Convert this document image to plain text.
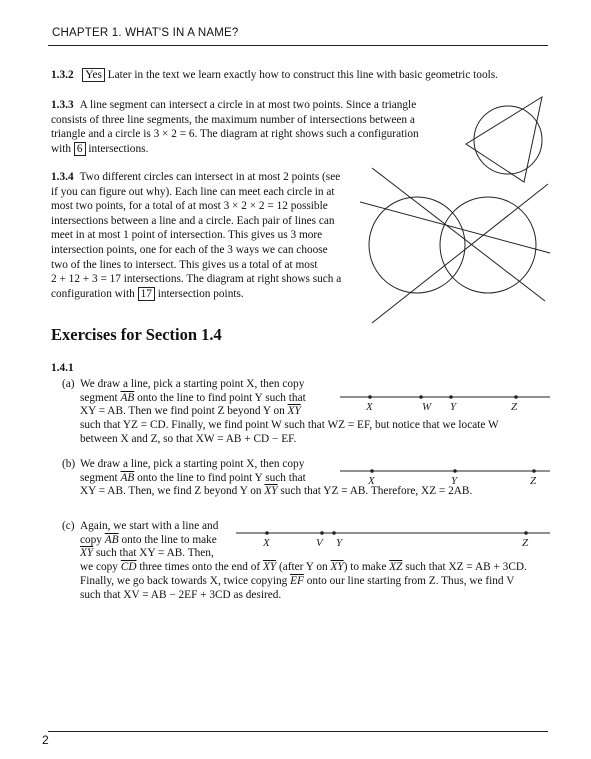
CHAPTER 1. WHAT'S IN A NAME?
1.3.2 Yes Later in the text we learn exactly how to construct this line with basic geometric tools.
1.3.3 A line segment can intersect a circle in at most two points. Since a triangle
consists of three line segments, the maximum number of intersections between a
triangle and a circle is 3 × 2 = 6. The diagram at right shows such a configuration
with 6 intersections.
1.3.4 Two different circles can intersect in at most 2 points (see
if you can figure out why). Each line can meet each circle in at
most two points, for a total of at most 3 × 2 × 2 = 12 possible
intersections between a line and a circle. Each pair of lines can
meet in at most 1 point of intersection. This gives us 3 more
intersection points, one for each of the 3 ways we can choose
two of the lines to intersect. This gives us a total of at most
2 + 12 + 3 = 17 intersections. The diagram at right shows such a
configuration with 17 intersection points.
Exercises for Section 1.4
1.4.1
(a) We draw a line, pick a starting point X, then copy
segment $\overline{AB}$ onto the line to find point Y such that
XY = AB. Then we find point Z beyond Y on $\overline{XY}$
such that YZ = CD. Finally, we find point W such that WZ = EF, but notice that we locate W
between X and Z, so that XW = AB + CD − EF.
X	W Y	Z
(b) We draw a line, pick a starting point X, then copy
segment $\overline{AB}$ onto the line to find point Y such that
XY = AB. Then, we find Z beyond Y on $\overline{XY}$ such that YZ = AB. Therefore, XZ = 2AB.
X	Y	Z
(c) Again, we start with a line and
copy $\overline{AB}$ onto the line to make
$\overline{XY}$ such that XY = AB. Then,
we copy $\overline{CD}$ three times onto the end of $\overline{XY}$ (after Y on $\overline{XY}$) to make $\overline{XZ}$ such that XZ = AB + 3CD.
Finally, we go back towards X, twice copying $\overline{EF}$ onto our line starting from Z. Thus, we find V
such that XV = AB − 2EF + 3CD as desired.
X	V Y	Z
2
